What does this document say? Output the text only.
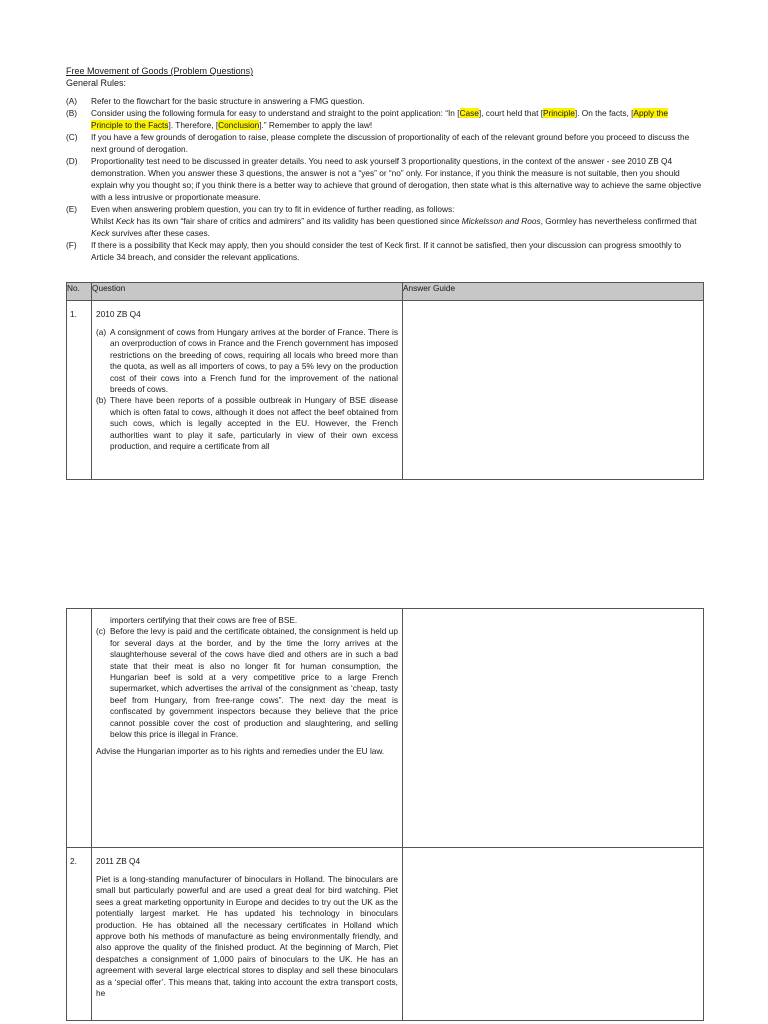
Free Movement of Goods (Problem Questions)
General Rules:
(A)	Refer to the flowchart for the basic structure in answering a FMG question.
(B)	Consider using the following formula for easy to understand and straight to the point application: “In [Case], court held that [Principle]. On the facts, [Apply the Principle to the Facts]. Therefore, [Conclusion].” Remember to apply the law!
(C)	If you have a few grounds of derogation to raise, please complete the discussion of proportionality of each of the relevant ground before you proceed to discuss the next ground of derogation.
(D)	Proportionality test need to be discussed in greater details. You need to ask yourself 3 proportionality questions, in the context of the answer - see 2010 ZB Q4 demonstration. When you answer these 3 questions, the answer is not a “yes” or “no” only. For instance, if you think the measure is not suitable, then you should explain why you thought so; if you think there is a better way to achieve that ground of derogation, then state what is this alternative way to achieve the same objective with a less intrusive or proportionate measure.
(E)	Even when answering problem question, you can try to fit in evidence of further reading, as follows:
Whilst Keck has its own “fair share of critics and admirers” and its validity has been questioned since Mickelsson and Roos, Gormley has nevertheless confirmed that Keck survives after these cases.
(F)	If there is a possibility that Keck may apply, then you should consider the test of Keck first. If it cannot be satisfied, then your discussion can progress smoothly to Article 34 breach, and consider the relevant applications.
No.	Question	Answer Guide
1.	2010 ZB Q4
(a) A consignment of cows from Hungary arrives at the border of France. There is an overproduction of cows in France and the French government has imposed restrictions on the breeding of cows, requiring all locals who breed more than the quota, as well as all importers of cows, to pay a 5% levy on the production cost of their cows into a French fund for the improvement of the national breeds of cows.
(b) There have been reports of a possible outbreak in Hungary of BSE disease which is often fatal to cows, although it does not affect the beef obtained from such cows, which is legally accepted in the EU. However, the French authorities want to play it safe, particularly in view of their own excess production, and require a certificate from all	

	importers certifying that their cows are free of BSE.
(c) Before the levy is paid and the certificate obtained, the consignment is held up for several days at the border, and by the time the lorry arrives at the slaughterhouse several of the cows have died and others are in such a bad state that their meat is also no longer fit for human consumption, the Hungarian beef is sold at a very competitive price to a large French supermarket, which advertises the arrival of the consignment as ‘cheap, tasty beef from Hungary, from free-range cows”. The next day the meat is confiscated by government inspectors because they believe that the price cannot possible cover the cost of production and slaughtering, and selling below this price is illegal in France.
Advise the Hungarian importer as to his rights and remedies under the EU law.	

2.	2011 ZB Q4
Piet is a long-standing manufacturer of binoculars in Holland. The binoculars are small but particularly powerful and are used a great deal for bird watching. Piet sees a great marketing opportunity in Europe and decides to try out the UK as the potentially largest market. He has updated his technology in binoculars production. He has obtained all the necessary certificates in Holland which approve both his methods of manufacture as being environmentally friendly, and also approve the quality of the finished product. At the beginning of March, Piet despatches a consignment of 1,000 pairs of binoculars to the UK. He has an agreement with several large electrical stores to display and sell these binoculars as a ‘special offer’. This means that, taking into account the extra transport costs, he	
